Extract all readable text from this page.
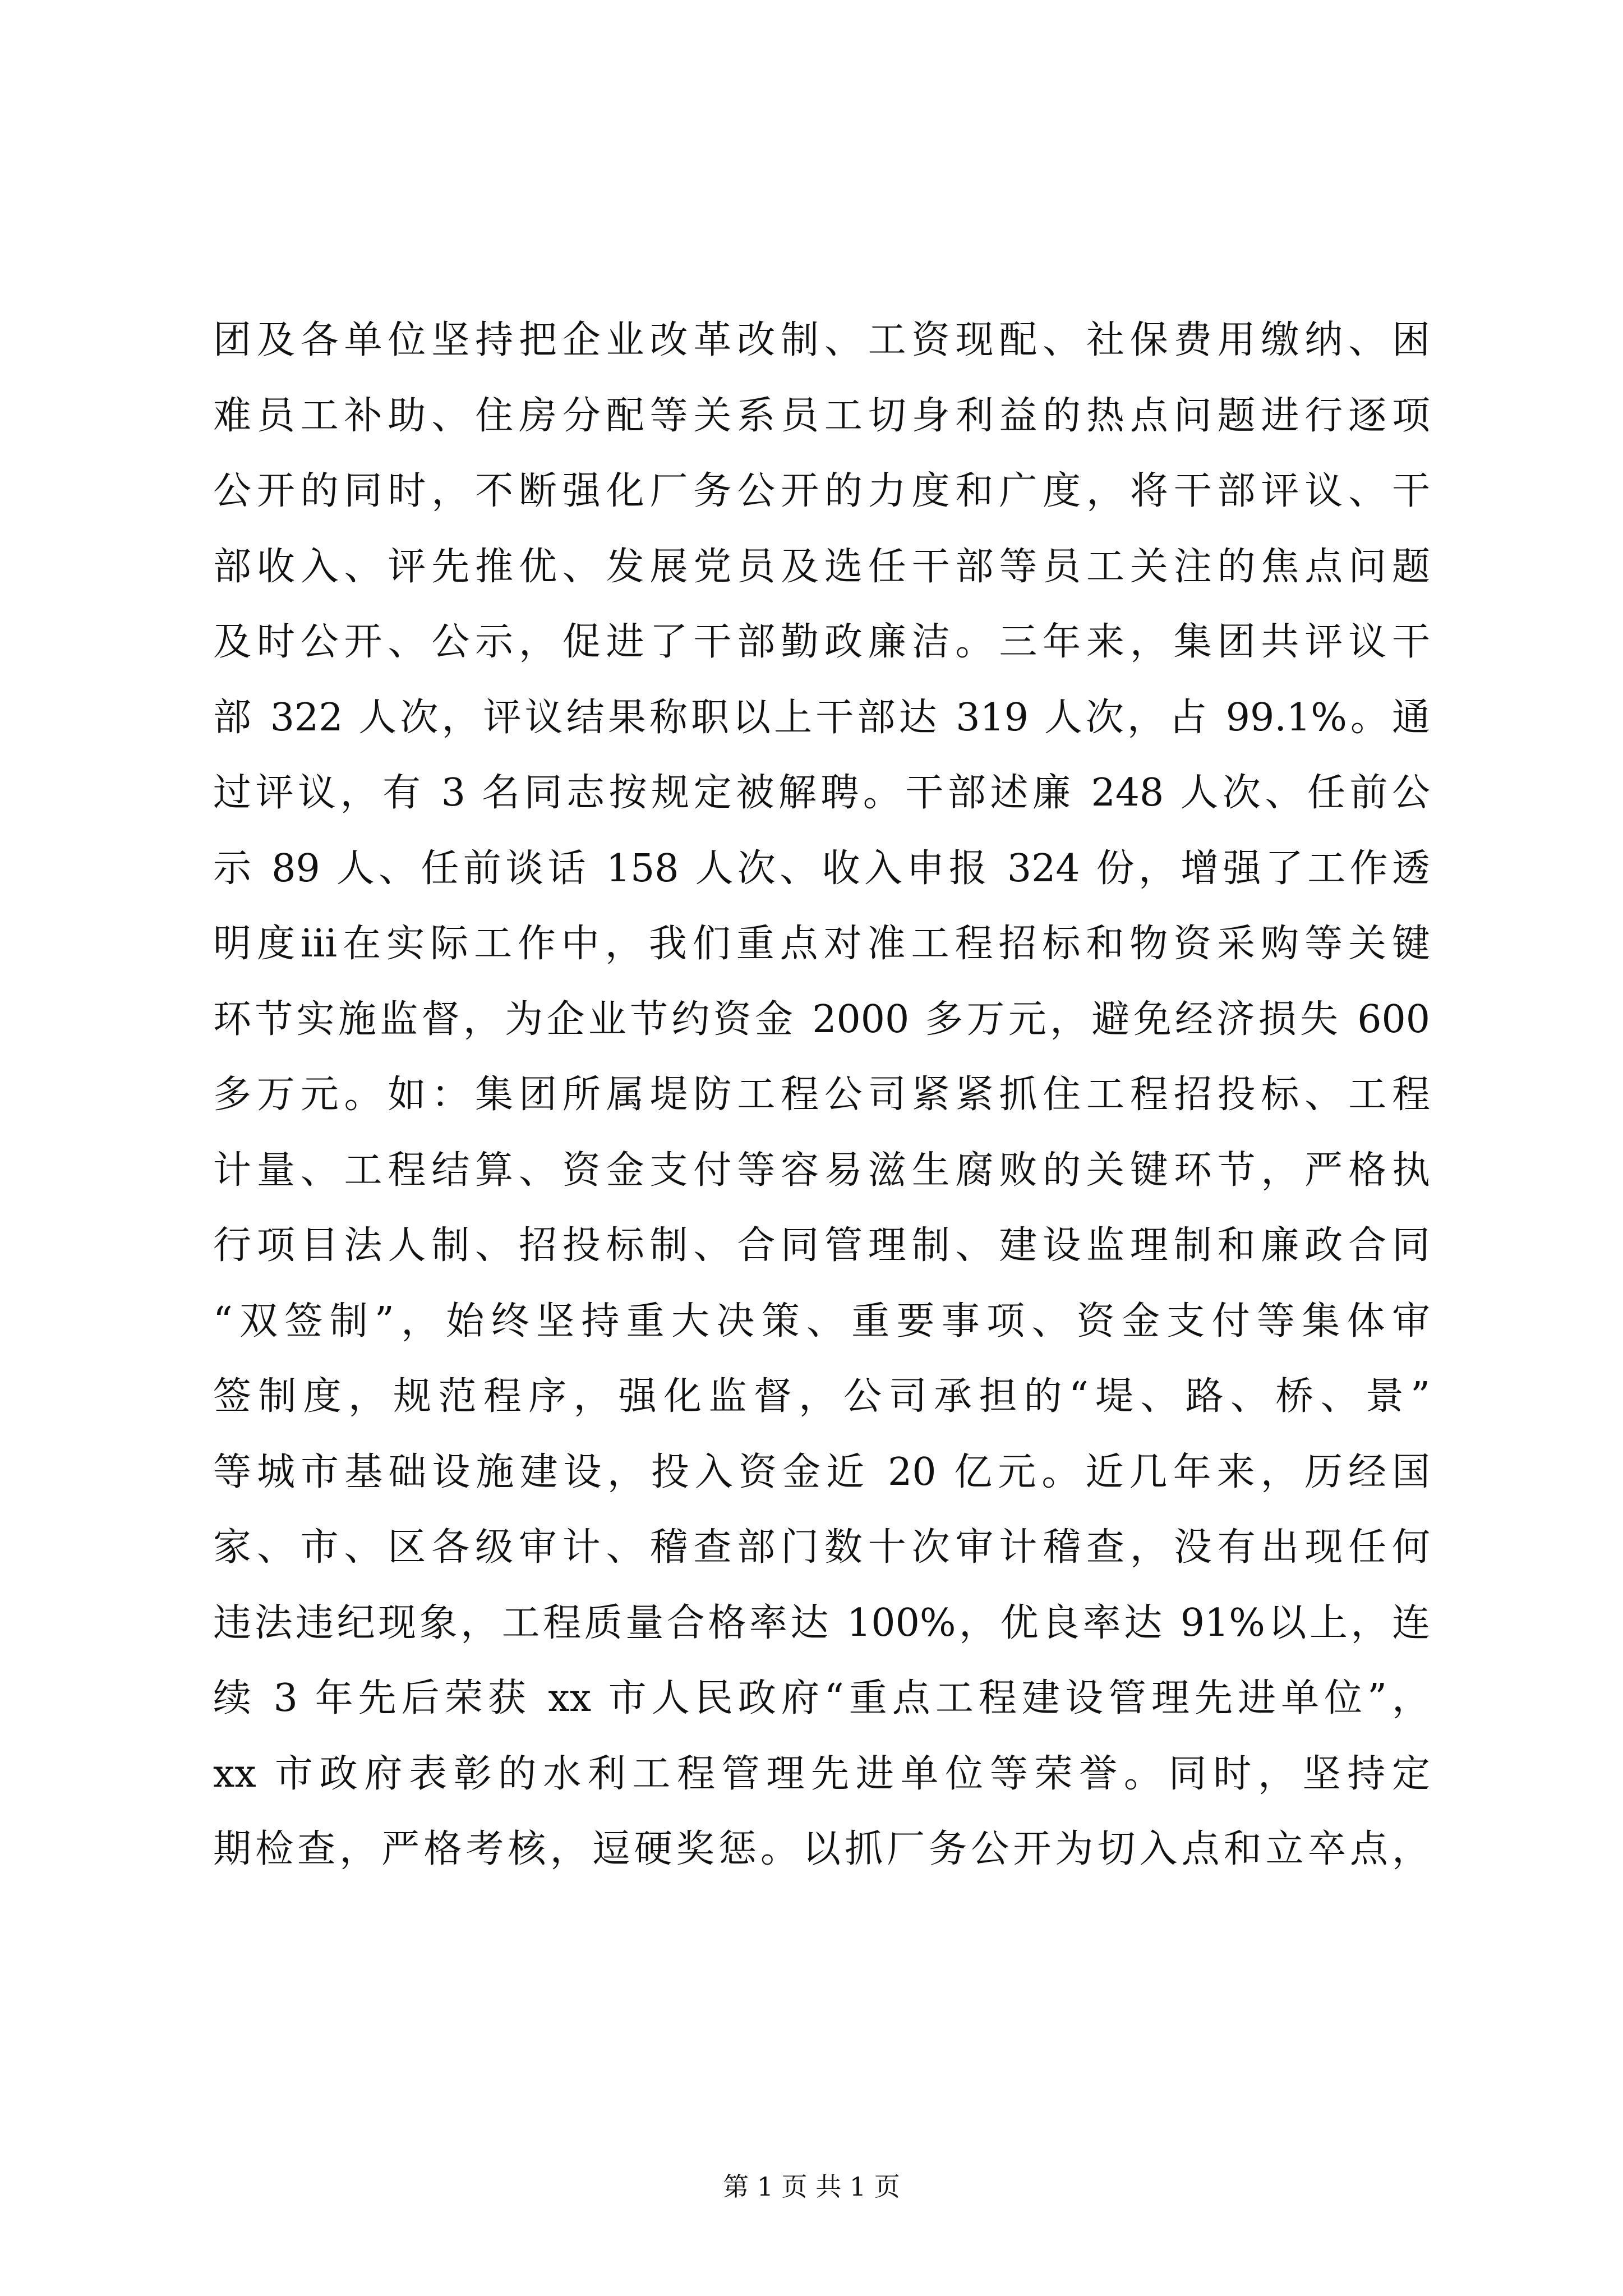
团及各单位坚持把企业改革改制、工资现配、社保费用缴纳、困
难员工补助、住房分配等关系员工切身利益的热点问题进行逐项
公开的同时，不断强化厂务公开的力度和广度，将干部评议、干
部收入、评先推优、发展党员及选任干部等员工关注的焦点问题
及时公开、公示，促进了干部勤政廉洁。三年来，集团共评议干
部 322 人次，评议结果称职以上干部达 319 人次，占 99.1%。通
过评议，有 3 名同志按规定被解聘。干部述廉 248 人次、任前公
示 89 人、任前谈话 158 人次、收入申报 324 份，增强了工作透
明度ⅲ在实际工作中，我们重点对准工程招标和物资采购等关键
环节实施监督，为企业节约资金 2000 多万元，避免经济损失 600
多万元。如：集团所属堤防工程公司紧紧抓住工程招投标、工程
计量、工程结算、资金支付等容易滋生腐败的关键环节，严格执
行项目法人制、招投标制、合同管理制、建设监理制和廉政合同
“双签制”，始终坚持重大决策、重要事项、资金支付等集体审
签制度，规范程序，强化监督，公司承担的“堤、路、桥、景”
等城市基础设施建设，投入资金近 20 亿元。近几年来，历经国
家、市、区各级审计、稽查部门数十次审计稽查，没有出现任何
违法违纪现象，工程质量合格率达 100%，优良率达 91%以上，连
续 3 年先后荣获 xx 市人民政府“重点工程建设管理先进单位”，
xx 市政府表彰的水利工程管理先进单位等荣誉。同时，坚持定
期检查，严格考核，逗硬奖惩。以抓厂务公开为切入点和立卒点，
第 1 页 共 1 页
